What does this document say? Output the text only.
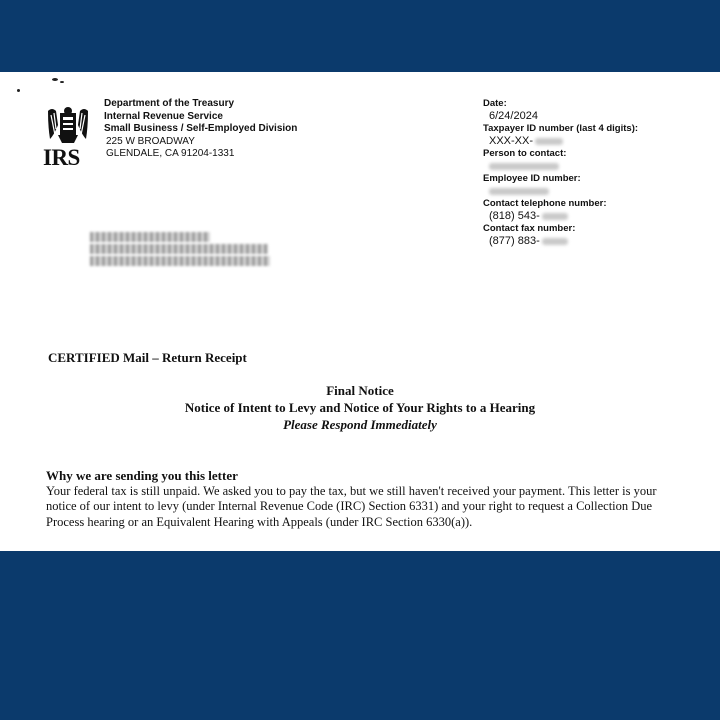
IRS
Department of the Treasury
Internal Revenue Service
Small Business / Self-Employed Division
225 W BROADWAY
GLENDALE, CA 91204-1331
Date:
6/24/2024
Taxpayer ID number (last 4 digits):
XXX-XX-
Person to contact:
Employee ID number:
Contact telephone number:
(818) 543-
Contact fax number:
(877) 883-
CERTIFIED Mail – Return Receipt
Final Notice
Notice of Intent to Levy and Notice of Your Rights to a Hearing
Please Respond Immediately
Why we are sending you this letter
Your federal tax is still unpaid. We asked you to pay the tax, but we still haven't received your payment. This letter is your notice of our intent to levy (under Internal Revenue Code (IRC) Section 6331) and your right to request a Collection Due Process hearing or an Equivalent Hearing with Appeals (under IRC Section 6330(a)).
